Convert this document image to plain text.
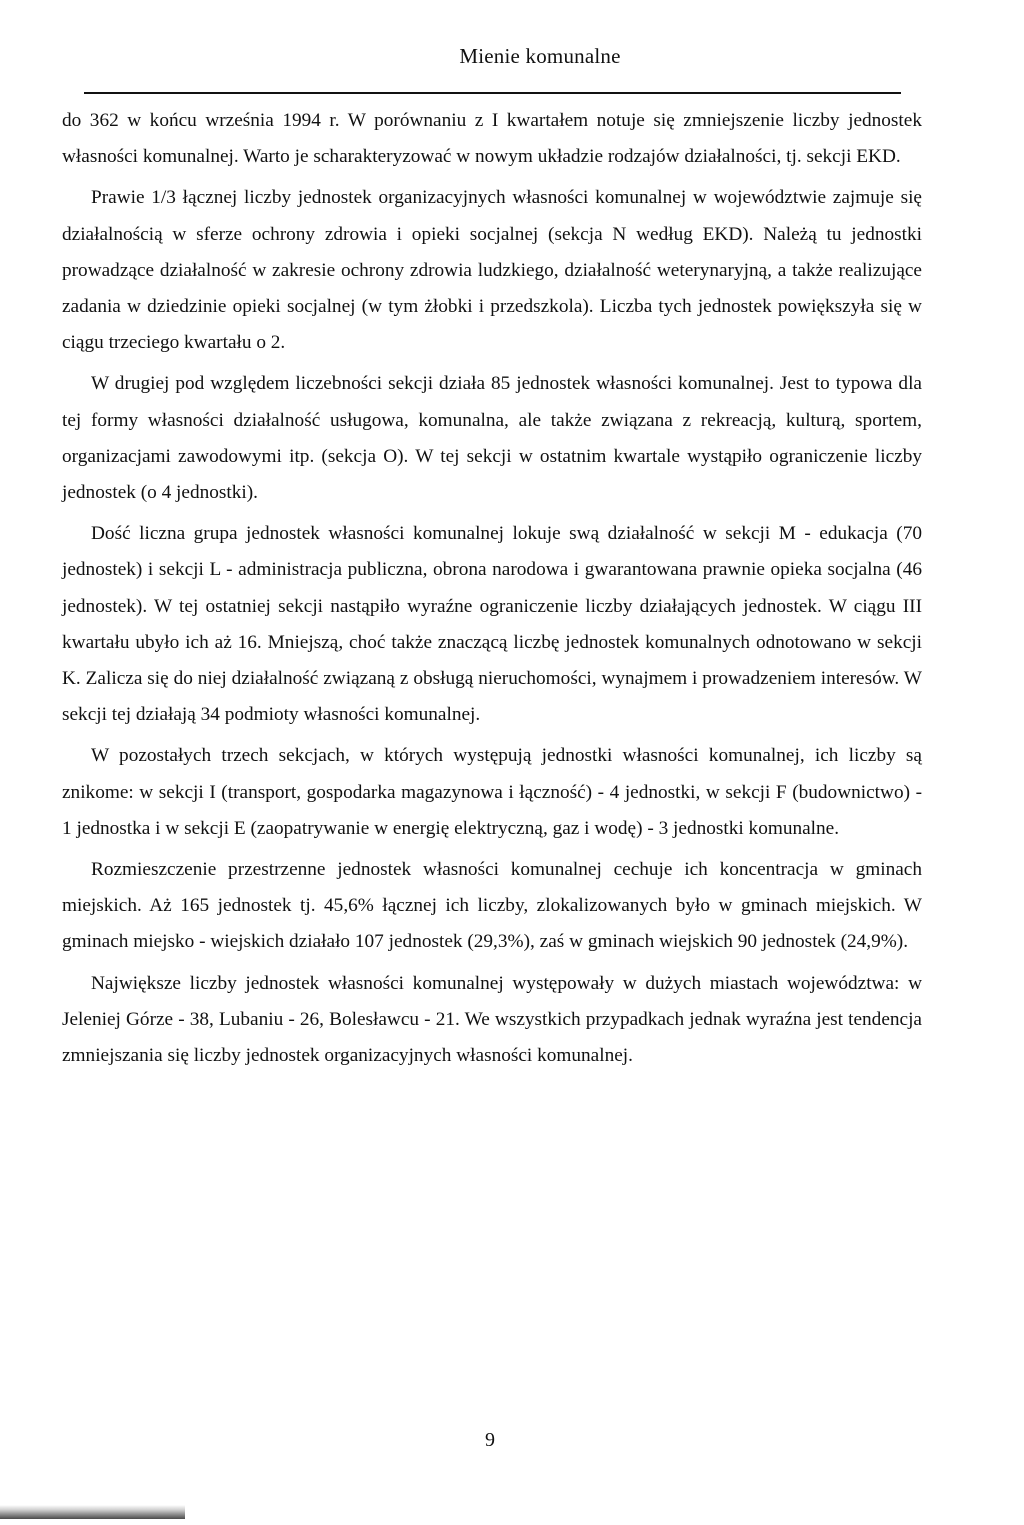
Mienie komunalne

do 362 w końcu września 1994 r. W porównaniu z I kwartałem notuje się zmniejszenie liczby jednostek własności komunalnej. Warto je scharakteryzować w nowym układzie rodzajów działalności, tj. sekcji EKD.

Prawie 1/3 łącznej liczby jednostek organizacyjnych własności komunalnej w województwie zajmuje się działalnością w sferze ochrony zdrowia i opieki socjalnej (sekcja N według EKD). Należą tu jednostki prowadzące działalność w zakresie ochrony zdrowia ludzkiego, działalność weterynaryjną, a także realizujące zadania w dziedzinie opieki socjalnej (w tym żłobki i przedszkola). Liczba tych jednostek powiększyła się w ciągu trzeciego kwartału o 2.

W drugiej pod względem liczebności sekcji działa 85 jednostek własności komunalnej. Jest to typowa dla tej formy własności działalność usługowa, komunalna, ale także związana z rekreacją, kulturą, sportem, organizacjami zawodowymi itp. (sekcja O). W tej sekcji w ostatnim kwartale wystąpiło ograniczenie liczby jednostek (o 4 jednostki).

Dość liczna grupa jednostek własności komunalnej lokuje swą działalność w sekcji M - edukacja (70 jednostek) i sekcji L - administracja publiczna, obrona narodowa i gwarantowana prawnie opieka socjalna (46 jednostek). W tej ostatniej sekcji nastąpiło wyraźne ograniczenie liczby działających jednostek. W ciągu III kwartału ubyło ich aż 16. Mniejszą, choć także znaczącą liczbę jednostek komunalnych odnotowano w sekcji K. Zalicza się do niej działalność związaną z obsługą nieruchomości, wynajmem i prowadzeniem interesów. W sekcji tej działają 34 podmioty własności komunalnej.

W pozostałych trzech sekcjach, w których występują jednostki własności komunalnej, ich liczby są znikome: w sekcji I (transport, gospodarka magazynowa i łączność) - 4 jednostki, w sekcji F (budownictwo) - 1 jednostka i w sekcji E (zaopatrywanie w energię elektryczną, gaz i wodę) - 3 jednostki komunalne.

Rozmieszczenie przestrzenne jednostek własności komunalnej cechuje ich koncentracja w gminach miejskich. Aż 165 jednostek tj. 45,6% łącznej ich liczby, zlokalizowanych było w gminach miejskich. W gminach miejsko - wiejskich działało 107 jednostek (29,3%), zaś w gminach wiejskich 90 jednostek (24,9%).

Największe liczby jednostek własności komunalnej występowały w dużych miastach województwa: w Jeleniej Górze - 38, Lubaniu - 26, Bolesławcu - 21. We wszystkich przypadkach jednak wyraźna jest tendencja zmniejszania się liczby jednostek organizacyjnych własności komunalnej.

9
